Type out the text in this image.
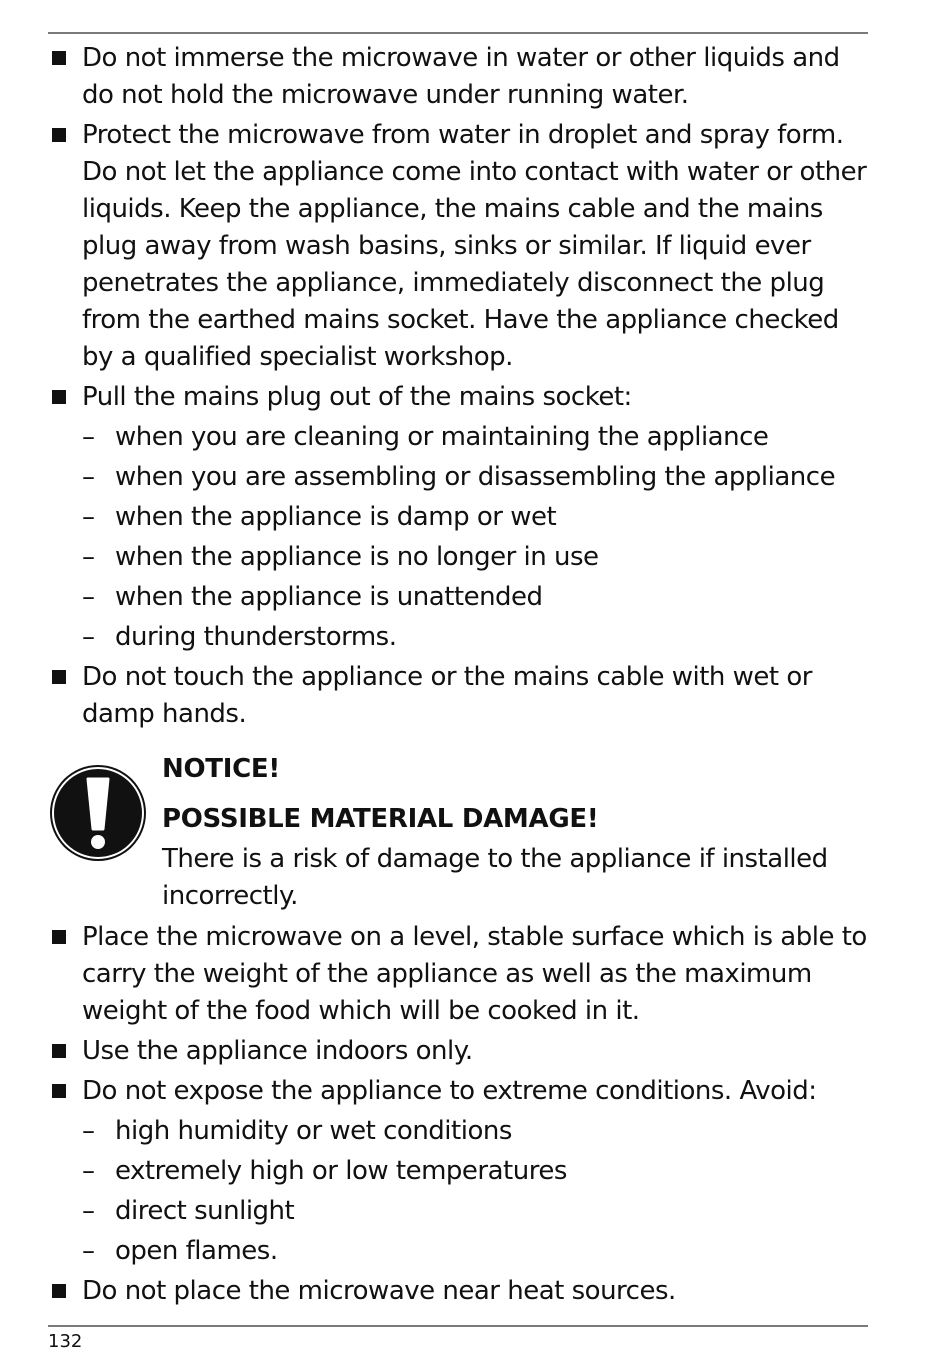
Do not immerse the microwave in water or other liquids and do not hold the microwave under running water.
Protect the microwave from water in droplet and spray form. Do not let the appliance come into contact with water or other liquids. Keep the appliance, the mains cable and the mains plug away from wash basins, sinks or similar. If liquid ever penetrates the appliance, immediately disconnect the plug from the earthed mains socket. Have the appliance checked by a qualified specialist workshop.
Pull the mains plug out of the mains socket:
– when you are cleaning or maintaining the appliance
– when you are assembling or disassembling the appliance
– when the appliance is damp or wet
– when the appliance is no longer in use
– when the appliance is unattended
– during thunderstorms.
Do not touch the appliance or the mains cable with wet or damp hands.
NOTICE!
POSSIBLE MATERIAL DAMAGE!
There is a risk of damage to the appliance if installed incorrectly.
Place the microwave on a level, stable surface which is able to carry the weight of the appliance as well as the maximum weight of the food which will be cooked in it.
Use the appliance indoors only.
Do not expose the appliance to extreme conditions. Avoid:
– high humidity or wet conditions
– extremely high or low temperatures
– direct sunlight
– open flames.
Do not place the microwave near heat sources.
132
